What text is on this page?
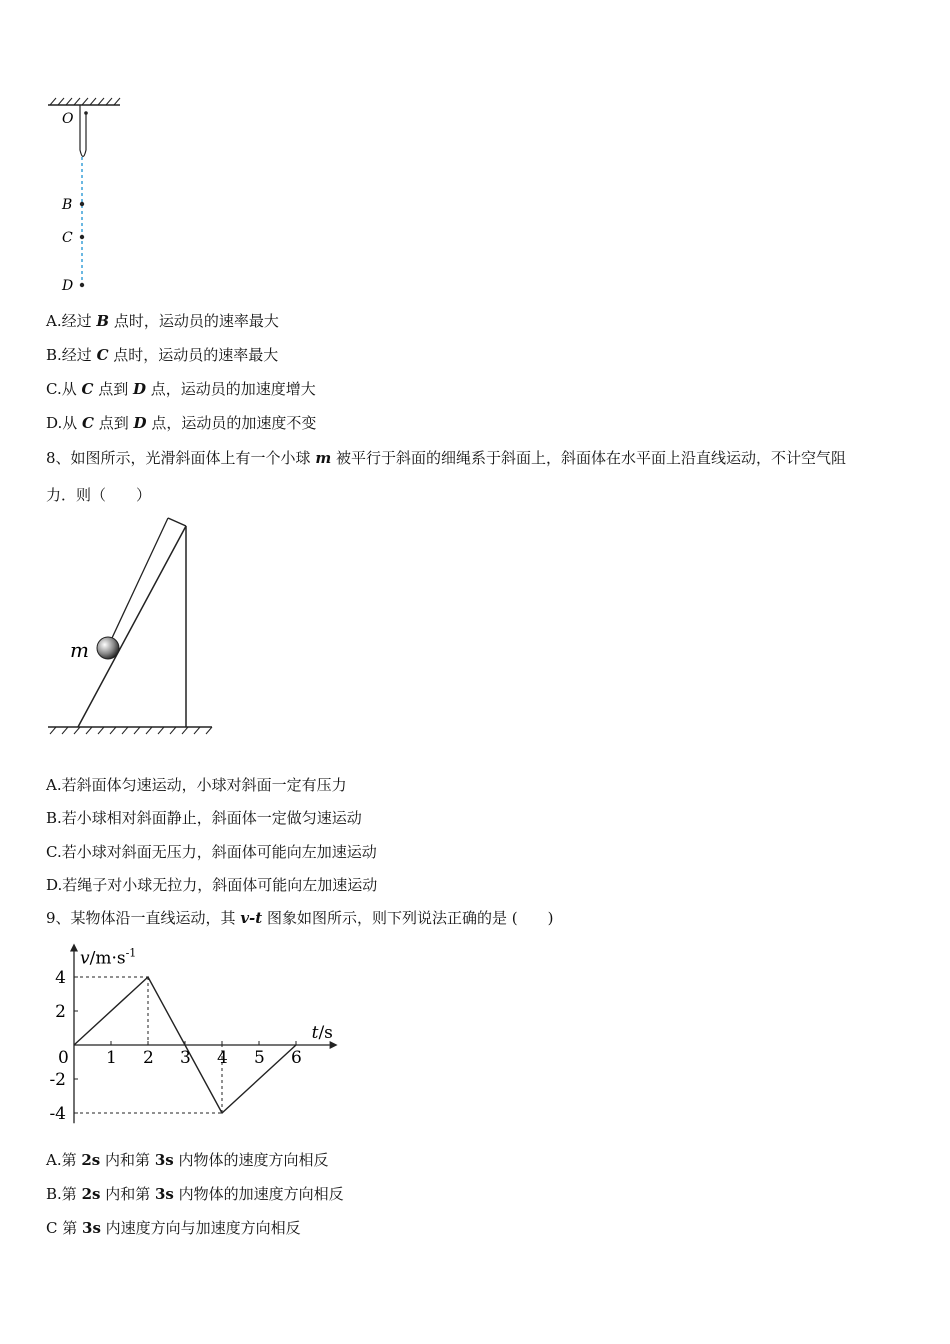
O
B
C
D
A.经过 B 点时，运动员的速率最大
B.经过 C 点时，运动员的速率最大
C.从 C 点到 D 点，运动员的加速度增大
D.从 C 点到 D 点，运动员的加速度不变
8、如图所示，光滑斜面体上有一个小球 m 被平行于斜面的细绳系于斜面上，斜面体在水平面上沿直线运动，不计空气阻
力．则（　　）
m
A.若斜面体匀速运动，小球对斜面一定有压力
B.若小球相对斜面静止，斜面体一定做匀速运动
C.若小球对斜面无压力，斜面体可能向左加速运动
D.若绳子对小球无拉力，斜面体可能向左加速运动
9、某物体沿一直线运动，其 v-t 图象如图所示，则下列说法正确的是 (　　)
0 1 2 3 4 5 6
4
2
-2
-4
$v/m\cdot s^{-1}$
t/s
A.第 2s 内和第 3s 内物体的速度方向相反
B.第 2s 内和第 3s 内物体的加速度方向相反
C 第 3s 内速度方向与加速度方向相反
